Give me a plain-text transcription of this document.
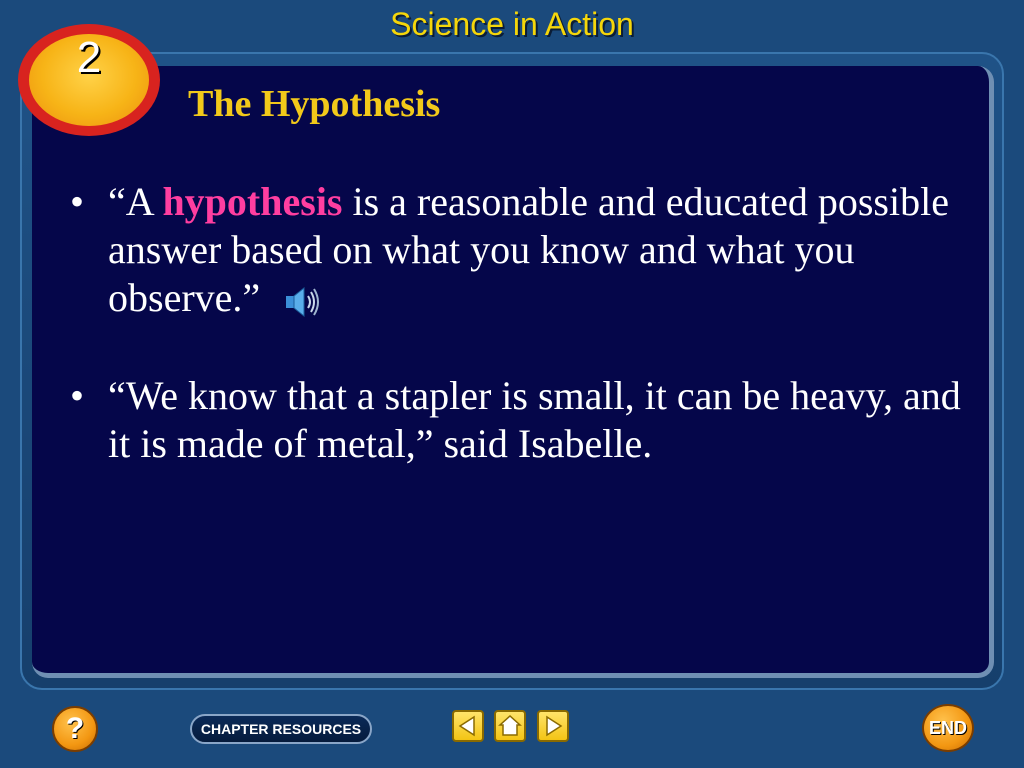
Science in Action
2
The Hypothesis
• “A hypothesis is a reasonable and educated possible answer based on what you know and what you observe.”
• “We know that a stapler is small, it can be heavy, and it is made of metal,” said Isabelle.
?	CHAPTER RESOURCES	END
